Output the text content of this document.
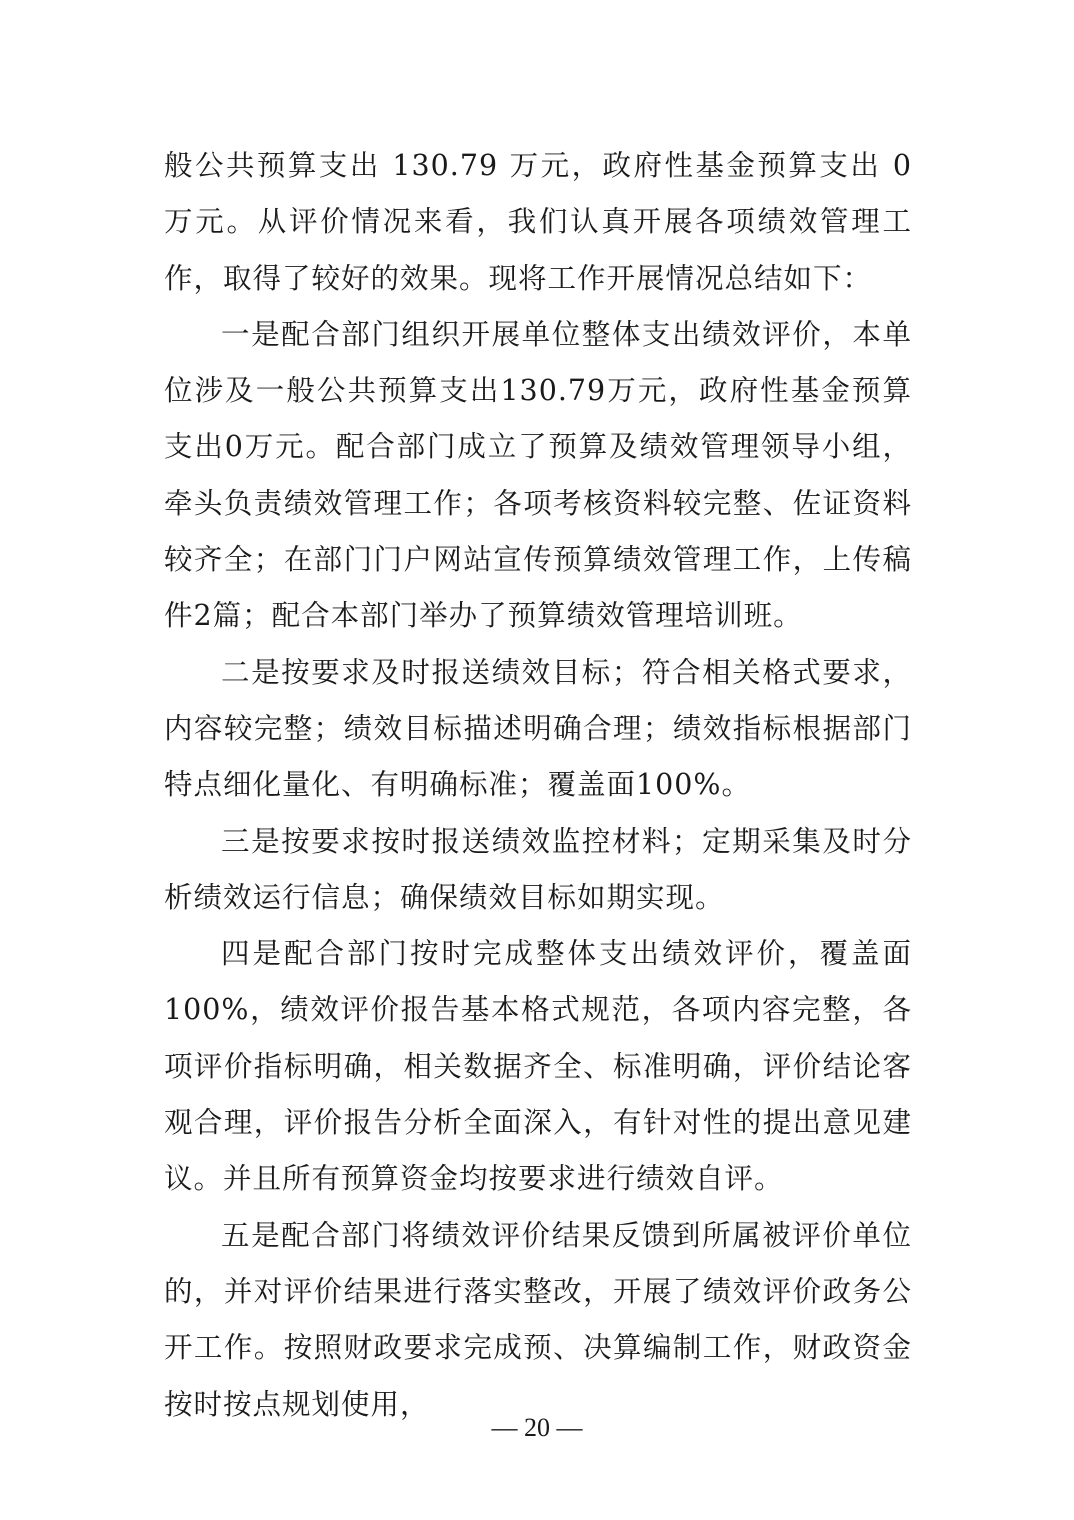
般公共预算支出 130.79 万元，政府性基金预算支出 0 万元。从评价情况来看，我们认真开展各项绩效管理工作，取得了较好的效果。现将工作开展情况总结如下：

一是配合部门组织开展单位整体支出绩效评价，本单位涉及一般公共预算支出130.79万元，政府性基金预算支出0万元。配合部门成立了预算及绩效管理领导小组，牵头负责绩效管理工作；各项考核资料较完整、佐证资料较齐全；在部门门户网站宣传预算绩效管理工作，上传稿件2篇；配合本部门举办了预算绩效管理培训班。

二是按要求及时报送绩效目标；符合相关格式要求，内容较完整；绩效目标描述明确合理；绩效指标根据部门特点细化量化、有明确标准；覆盖面100%。

三是按要求按时报送绩效监控材料；定期采集及时分析绩效运行信息；确保绩效目标如期实现。

四是配合部门按时完成整体支出绩效评价，覆盖面100%，绩效评价报告基本格式规范，各项内容完整，各项评价指标明确，相关数据齐全、标准明确，评价结论客观合理，评价报告分析全面深入，有针对性的提出意见建议。并且所有预算资金均按要求进行绩效自评。

五是配合部门将绩效评价结果反馈到所属被评价单位的，并对评价结果进行落实整改，开展了绩效评价政务公开工作。按照财政要求完成预、决算编制工作，财政资金按时按点规划使用，

— 20 —
